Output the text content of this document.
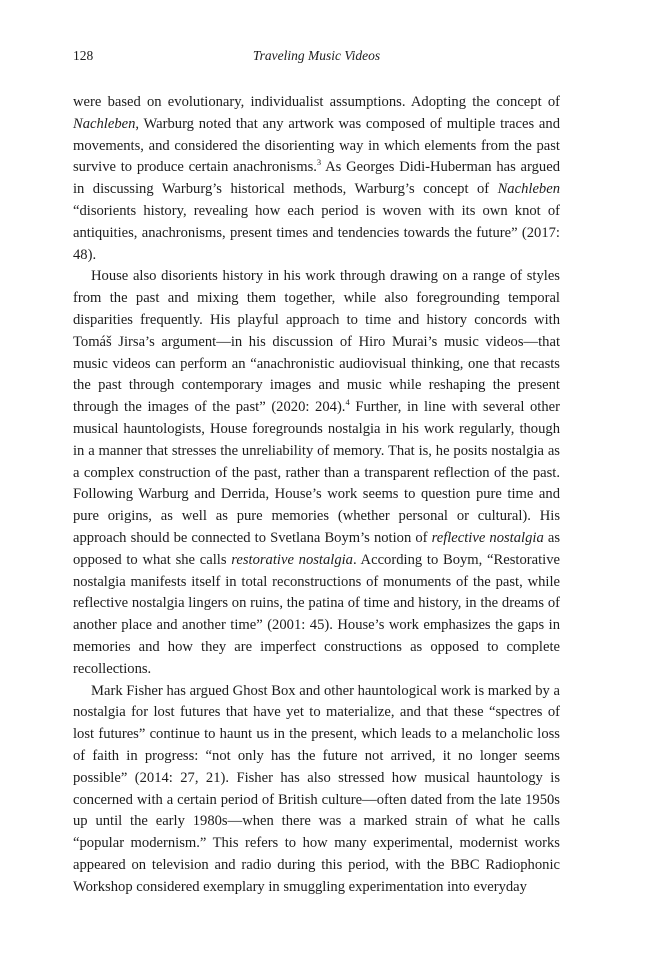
128	Traveling Music Videos

were based on evolutionary, individualist assumptions. Adopting the concept of Nachleben, Warburg noted that any artwork was composed of multiple traces and movements, and considered the disorienting way in which elements from the past survive to produce certain anachronisms.$^3$ As Georges Didi-Huberman has argued in discussing Warburg’s historical methods, Warburg’s concept of Nachleben “disorients history, revealing how each period is woven with its own knot of antiquities, anachronisms, present times and tendencies towards the future” (2017: 48).

House also disorients history in his work through drawing on a range of styles from the past and mixing them together, while also foregrounding temporal disparities frequently. His playful approach to time and history concords with Tomáš Jirsa’s argument—in his discussion of Hiro Murai’s music videos—that music videos can perform an “anachronistic audiovisual thinking, one that recasts the past through contemporary images and music while reshaping the present through the images of the past” (2020: 204).$^4$ Further, in line with several other musical hauntologists, House foregrounds nostalgia in his work regularly, though in a manner that stresses the unreliability of memory. That is, he posits nostalgia as a complex construction of the past, rather than a transparent reflection of the past. Following Warburg and Derrida, House’s work seems to question pure time and pure origins, as well as pure memories (whether personal or cultural). His approach should be connected to Svetlana Boym’s notion of reflective nostalgia as opposed to what she calls restorative nostalgia. According to Boym, “Restorative nostalgia manifests itself in total reconstructions of monuments of the past, while reflective nostalgia lingers on ruins, the patina of time and history, in the dreams of another place and another time” (2001: 45). House’s work emphasizes the gaps in memories and how they are imperfect constructions as opposed to complete recollections.

Mark Fisher has argued Ghost Box and other hauntological work is marked by a nostalgia for lost futures that have yet to materialize, and that these “spectres of lost futures” continue to haunt us in the present, which leads to a melancholic loss of faith in progress: “not only has the future not arrived, it no longer seems possible” (2014: 27, 21). Fisher has also stressed how musical hauntology is concerned with a certain period of British culture—often dated from the late 1950s up until the early 1980s—when there was a marked strain of what he calls “popular modernism.” This refers to how many experimental, modernist works appeared on television and radio during this period, with the BBC Radiophonic Workshop considered exemplary in smuggling experimentation into everyday
